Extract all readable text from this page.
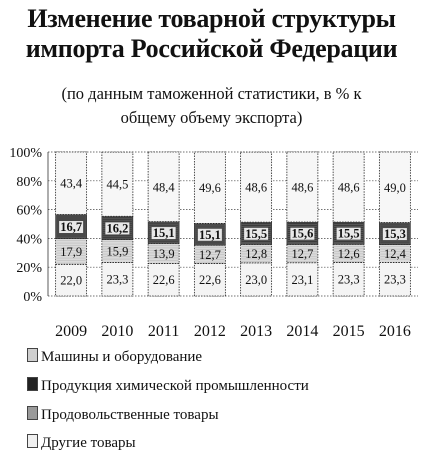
Изменение товарной структуры
импорта Российской Федерации
(по данным таможенной статистики, в % к
общему объему экспорта)
0%
20%
40%
60%
80%
100%
22,0
17,9
16,7
43,4
2009
23,3
15,9
16,2
44,5
2010
22,6
13,9
15,1
48,4
2011
22,6
12,7
15,1
49,6
2012
23,0
12,8
15,5
48,6
2013
23,1
12,7
15,6
48,6
2014
23,3
12,6
15,5
48,6
2015
23,3
12,4
15,3
49,0
2016
Машины и оборудование
Продукция химической промышленности
Продовольственные товары
Другие товары
